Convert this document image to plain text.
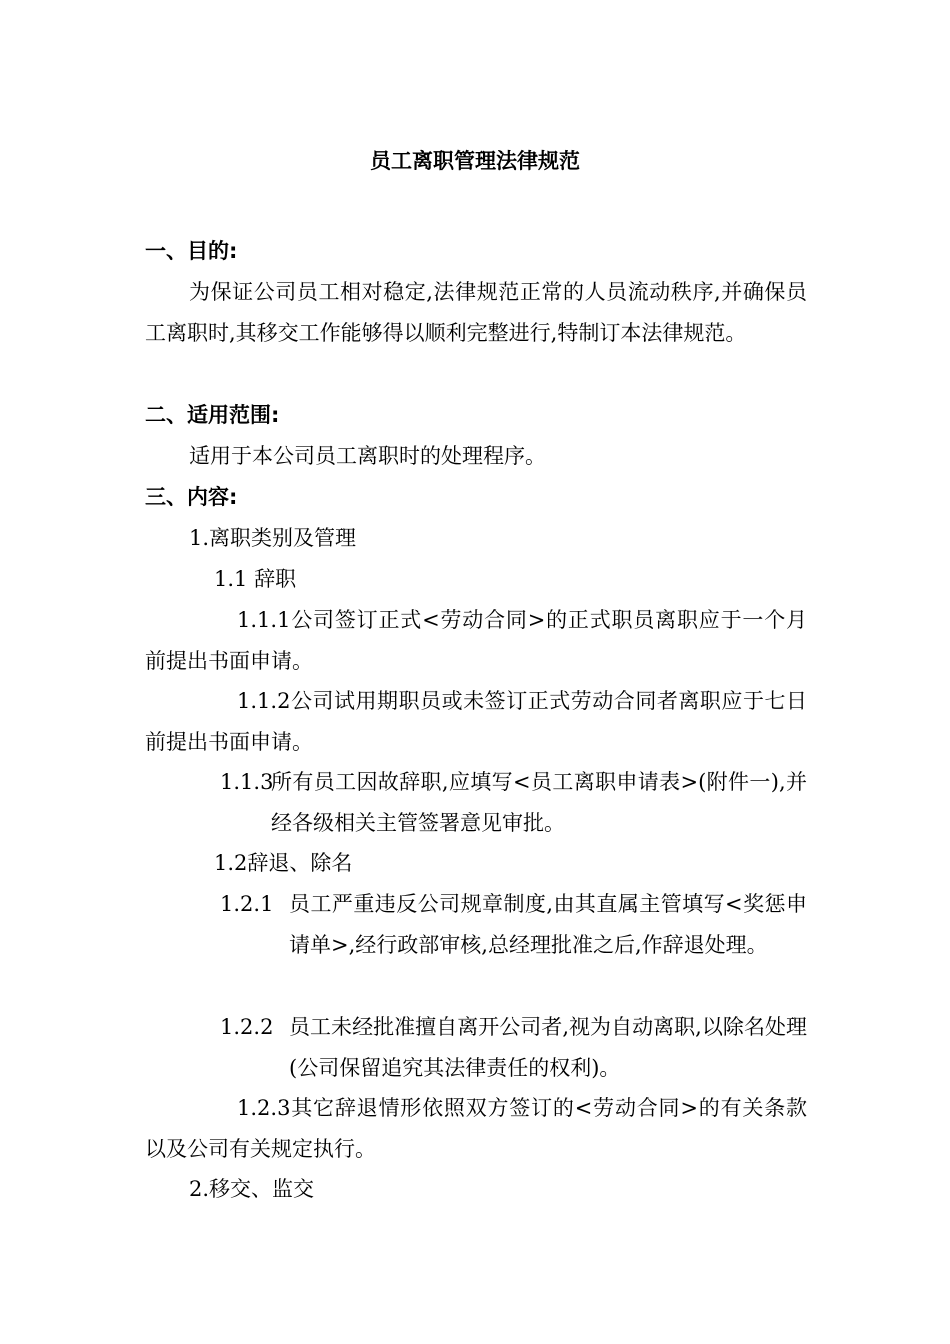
员工离职管理法律规范
一、目的:
为保证公司员工相对稳定,法律规范正常的人员流动秩序,并确保员工离职时,其移交工作能够得以顺利完整进行,特制订本法律规范。
二、适用范围:
适用于本公司员工离职时的处理程序。
三、内容:
1.离职类别及管理
1.1 辞职
1.1.1公司签订正式<劳动合同>的正式职员离职应于一个月前提出书面申请。
1.1.2公司试用期职员或未签订正式劳动合同者离职应于七日前提出书面申请。
1.1.3
所有员工因故辞职,应填写<员工离职申请表>(附件一),并经各级相关主管签署意见审批。
1.2辞退、除名
1.2.1 员工严重违反公司规章制度,由其直属主管填写<奖惩申请单>,经行政部审核,总经理批准之后,作辞退处理。
1.2.2 员工未经批准擅自离开公司者,视为自动离职,以除名处理(公司保留追究其法律责任的权利)。
1.2.3其它辞退情形依照双方签订的<劳动合同>的有关条款以及公司有关规定执行。
2.移交、监交
